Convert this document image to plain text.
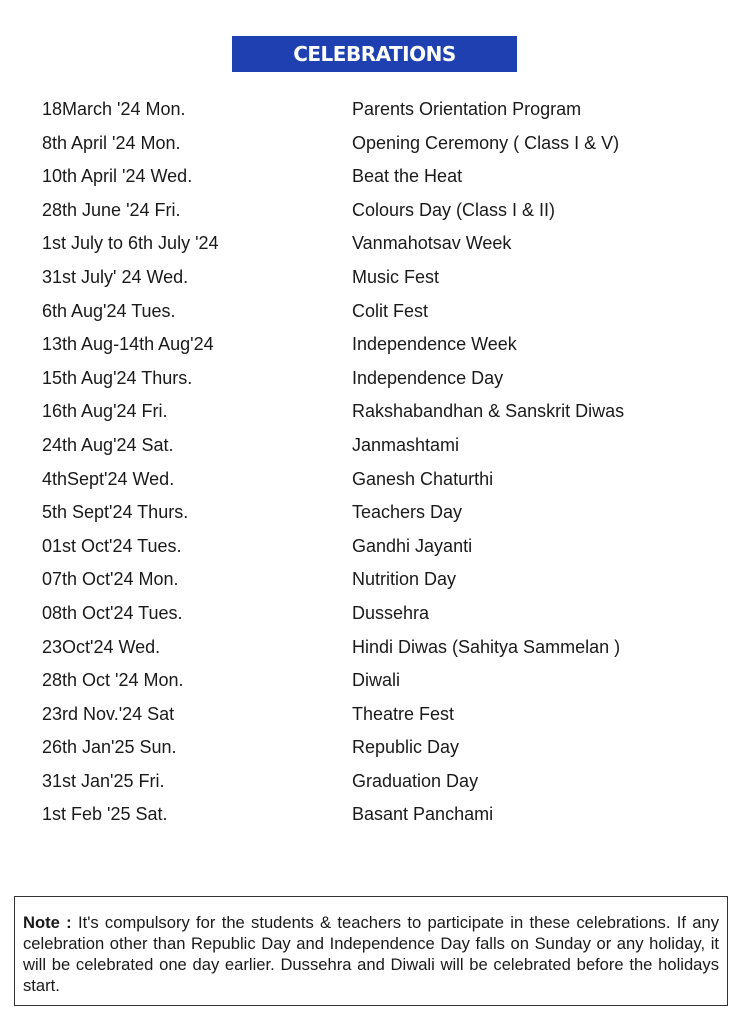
CELEBRATIONS
18March '24 Mon.	Parents Orientation Program
8th April '24 Mon.	Opening Ceremony ( Class I & V)
10th April '24 Wed.	Beat the Heat
28th June '24 Fri.	Colours Day (Class I & II)
1st July to 6th July '24	Vanmahotsav Week
31st July' 24 Wed.	Music Fest
6th Aug'24 Tues.	Colit Fest
13th Aug-14th Aug'24	Independence Week
15th Aug'24 Thurs.	Independence Day
16th Aug'24 Fri.	Rakshabandhan & Sanskrit Diwas
24th Aug'24 Sat.	Janmashtami
4thSept'24 Wed.	Ganesh Chaturthi
5th Sept'24 Thurs.	Teachers Day
01st Oct'24 Tues.	Gandhi Jayanti
07th Oct'24 Mon.	Nutrition Day
08th Oct'24 Tues.	Dussehra
23Oct'24 Wed.	Hindi Diwas (Sahitya Sammelan )
28th Oct '24 Mon.	Diwali
23rd Nov.'24 Sat	Theatre Fest
26th Jan'25 Sun.	Republic Day
31st Jan'25 Fri.	Graduation Day
1st Feb '25 Sat.	Basant Panchami
Note : It's compulsory for the students & teachers to participate in these celebrations. If any celebration other than Republic Day and Independence Day falls on Sunday or any holiday, it will be celebrated one day earlier. Dussehra and Diwali will be celebrated before the holidays start.
